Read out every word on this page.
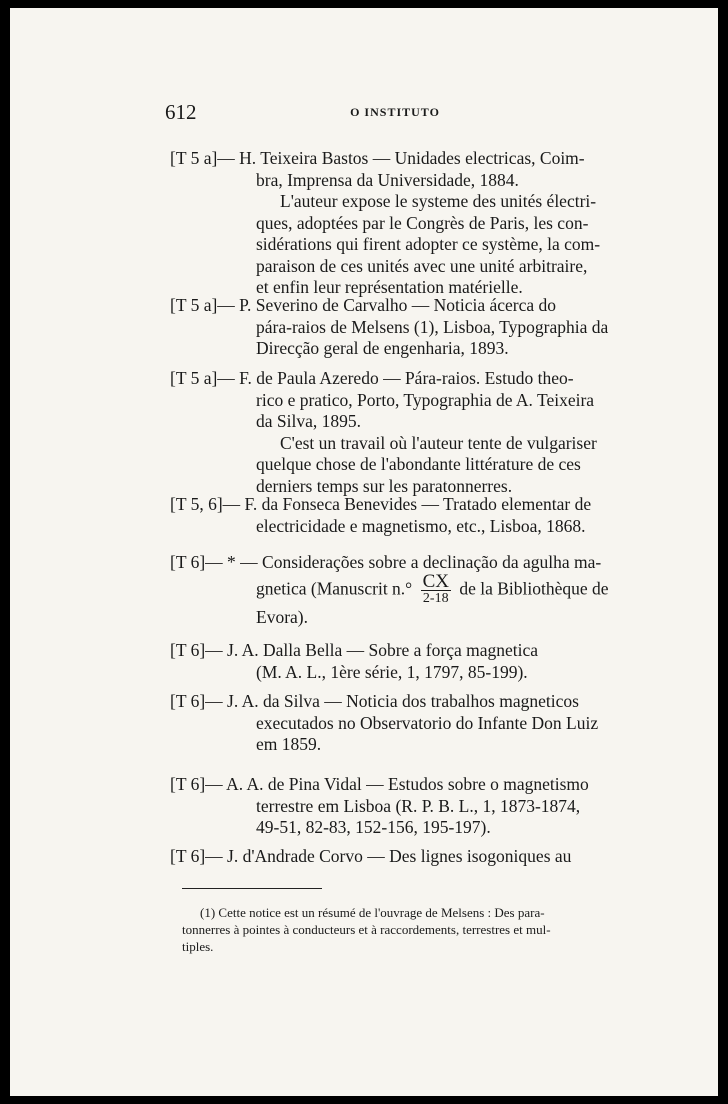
612	O INSTITUTO
[T 5 a]— H. Teixeira Bastos — Unidades electricas, Coim-
bra, Imprensa da Universidade, 1884.
L'auteur expose le systeme des unités électri-
ques, adoptées par le Congrès de Paris, les con-
sidérations qui firent adopter ce système, la com-
paraison de ces unités avec une unité arbitraire,
et enfin leur représentation matérielle.
[T 5 a]— P. Severino de Carvalho — Noticia ácerca do
pára-raios de Melsens (1), Lisboa, Typographia da
Direcção geral de engenharia, 1893.
[T 5 a]— F. de Paula Azeredo — Pára-raios. Estudo theo-
rico e pratico, Porto, Typographia de A. Teixeira
da Silva, 1895.
C'est un travail où l'auteur tente de vulgariser
quelque chose de l'abondante littérature de ces
derniers temps sur les paratonnerres.
[T 5, 6]— F. da Fonseca Benevides — Tratado elementar de
electricidade e magnetismo, etc., Lisboa, 1868.
[T 6]— * — Considerações sobre a declinação da agulha ma-
gnetica (Manuscrit $n.^\circ \frac{CX}{2-18}$ de la Bibliothèque de
Evora).
[T 6]— J. A. Dalla Bella — Sobre a força magnetica
(M. A. L., 1ère série, 1, 1797, 85-199).
[T 6]— J. A. da Silva — Noticia dos trabalhos magneticos
executados no Observatorio do Infante Don Luiz
em 1859.
[T 6]— A. A. de Pina Vidal — Estudos sobre o magnetismo
terrestre em Lisboa (R. P. B. L., 1, 1873-1874,
49-51, 82-83, 152-156, 195-197).
[T 6]— J. d'Andrade Corvo — Des lignes isogoniques au
(1) Cette notice est un résumé de l'ouvrage de Melsens : Des para-
tonnerres à pointes à conducteurs et à raccordements, terrestres et mul-
tiples.
